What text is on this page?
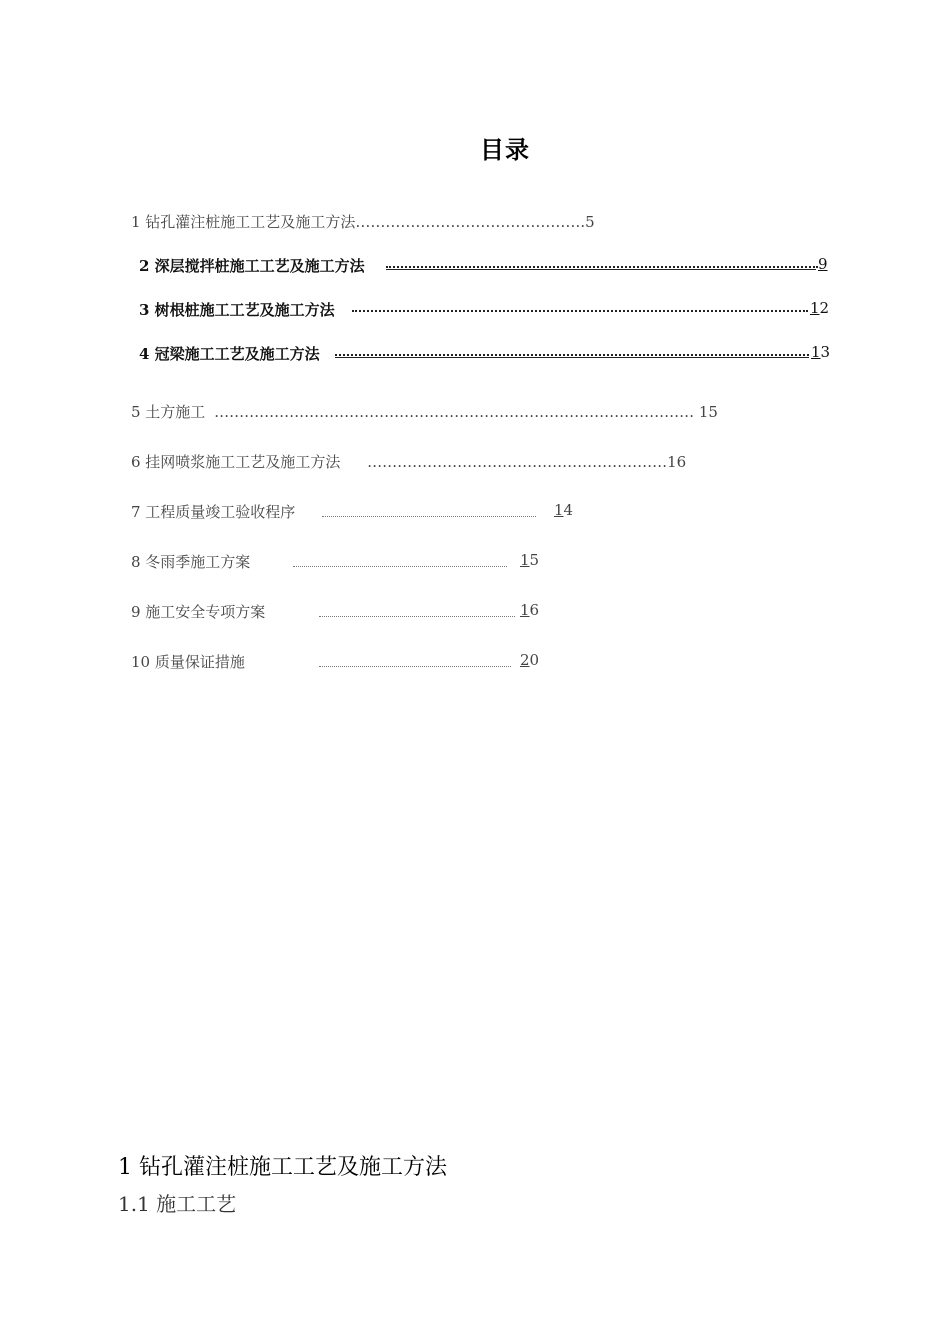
目录
1 钻孔灌注桩施工工艺及施工方法……………………………………….5
2 深层搅拌桩施工工艺及施工方法	9
3 树根桩施工工艺及施工方法	12
4 冠梁施工工艺及施工方法	13
5 土方施工 …………………………………………………………………………………… 15
6 挂网喷浆施工工艺及施工方法 ……………………………………………………16
7 工程质量竣工验收程序	14
8 冬雨季施工方案	15
9 施工安全专项方案	16
10 质量保证措施	20
1 钻孔灌注桩施工工艺及施工方法
1.1 施工工艺
